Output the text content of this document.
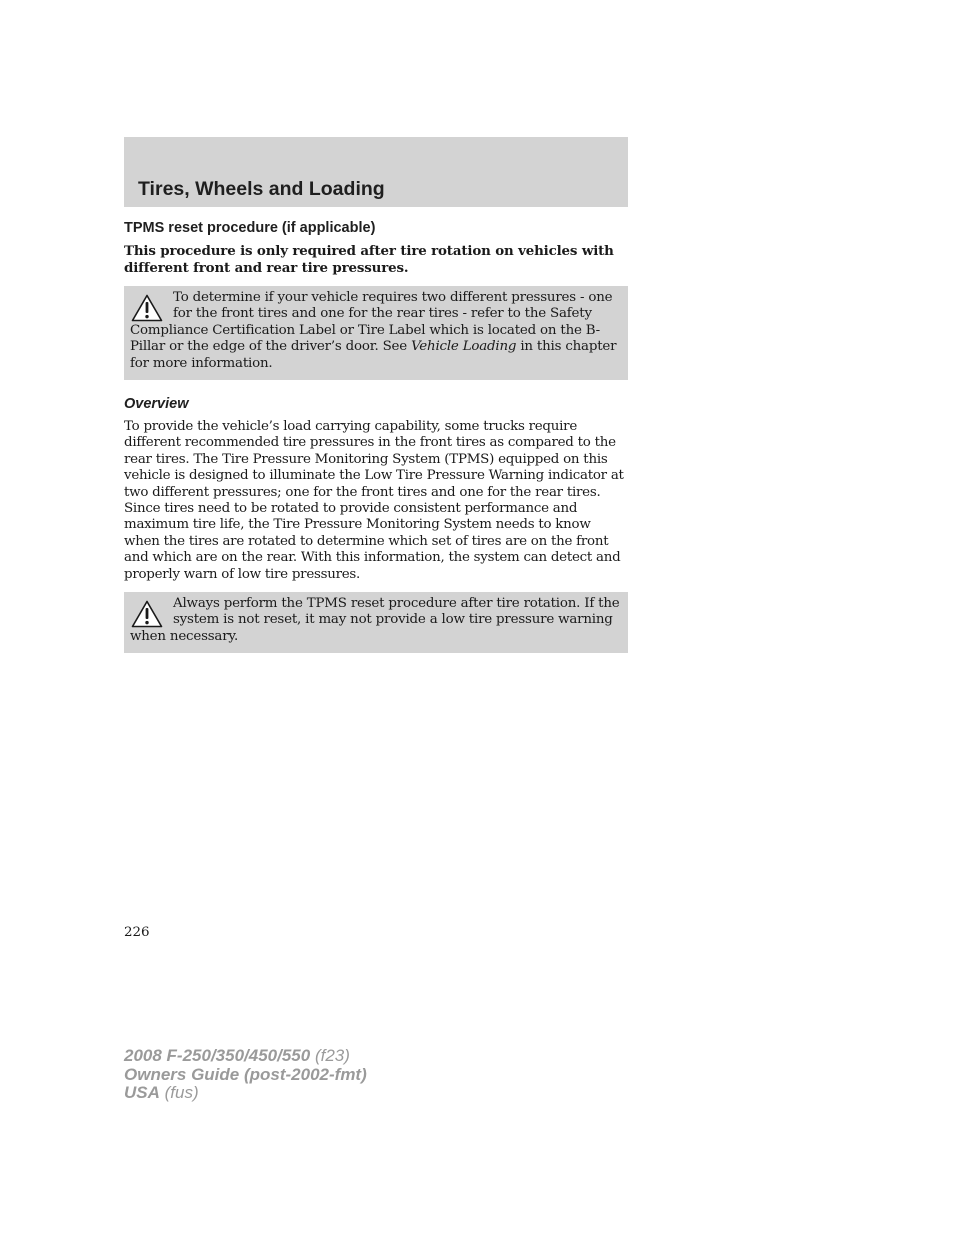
Tires, Wheels and Loading
TPMS reset procedure (if applicable)

This procedure is only required after tire rotation on vehicles with different front and rear tire pressures.

To determine if your vehicle requires two different pressures - one for the front tires and one for the rear tires - refer to the Safety Compliance Certification Label or Tire Label which is located on the B-Pillar or the edge of the driver’s door. See Vehicle Loading in this chapter for more information.

Overview

To provide the vehicle’s load carrying capability, some trucks require different recommended tire pressures in the front tires as compared to the rear tires. The Tire Pressure Monitoring System (TPMS) equipped on this vehicle is designed to illuminate the Low Tire Pressure Warning indicator at two different pressures; one for the front tires and one for the rear tires. Since tires need to be rotated to provide consistent performance and maximum tire life, the Tire Pressure Monitoring System needs to know when the tires are rotated to determine which set of tires are on the front and which are on the rear. With this information, the system can detect and properly warn of low tire pressures.

Always perform the TPMS reset procedure after tire rotation. If the system is not reset, it may not provide a low tire pressure warning when necessary.

226

2008 F-250/350/450/550 (f23)
Owners Guide (post-2002-fmt)
USA (fus)
